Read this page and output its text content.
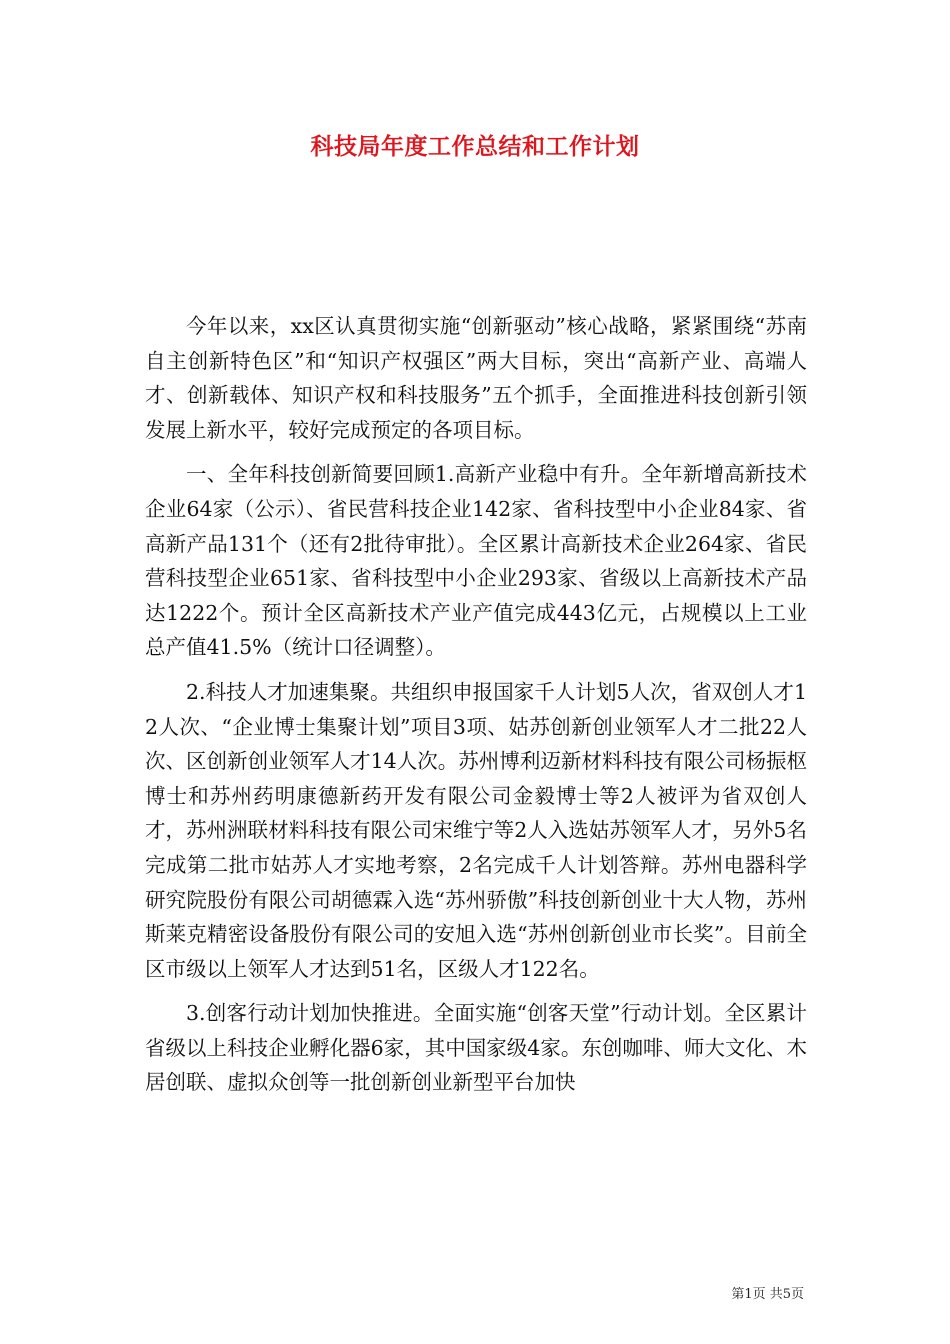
科技局年度工作总结和工作计划

今年以来，xx区认真贯彻实施“创新驱动”核心战略，紧紧围绕“苏南自主创新特色区”和“知识产权强区”两大目标，突出“高新产业、高端人才、创新载体、知识产权和科技服务”五个抓手，全面推进科技创新引领发展上新水平，较好完成预定的各项目标。

一、全年科技创新简要回顾1.高新产业稳中有升。全年新增高新技术企业64家（公示）、省民营科技企业142家、省科技型中小企业84家、省高新产品131个（还有2批待审批）。全区累计高新技术企业264家、省民营科技型企业651家、省科技型中小企业293家、省级以上高新技术产品达1222个。预计全区高新技术产业产值完成443亿元，占规模以上工业总产值41.5%（统计口径调整）。

2.科技人才加速集聚。共组织申报国家千人计划5人次，省双创人才12人次、“企业博士集聚计划”项目3项、姑苏创新创业领军人才二批22人次、区创新创业领军人才14人次。苏州博利迈新材料科技有限公司杨振枢博士和苏州药明康德新药开发有限公司金毅博士等2人被评为省双创人才，苏州洲联材料科技有限公司宋维宁等2人入选姑苏领军人才，另外5名完成第二批市姑苏人才实地考察，2名完成千人计划答辩。苏州电器科学研究院股份有限公司胡德霖入选“苏州骄傲”科技创新创业十大人物，苏州斯莱克精密设备股份有限公司的安旭入选“苏州创新创业市长奖”。目前全区市级以上领军人才达到51名，区级人才122名。

3.创客行动计划加快推进。全面实施“创客天堂”行动计划。全区累计省级以上科技企业孵化器6家，其中国家级4家。东创咖啡、师大文化、木居创联、虚拟众创等一批创新创业新型平台加快

第1页 共5页
